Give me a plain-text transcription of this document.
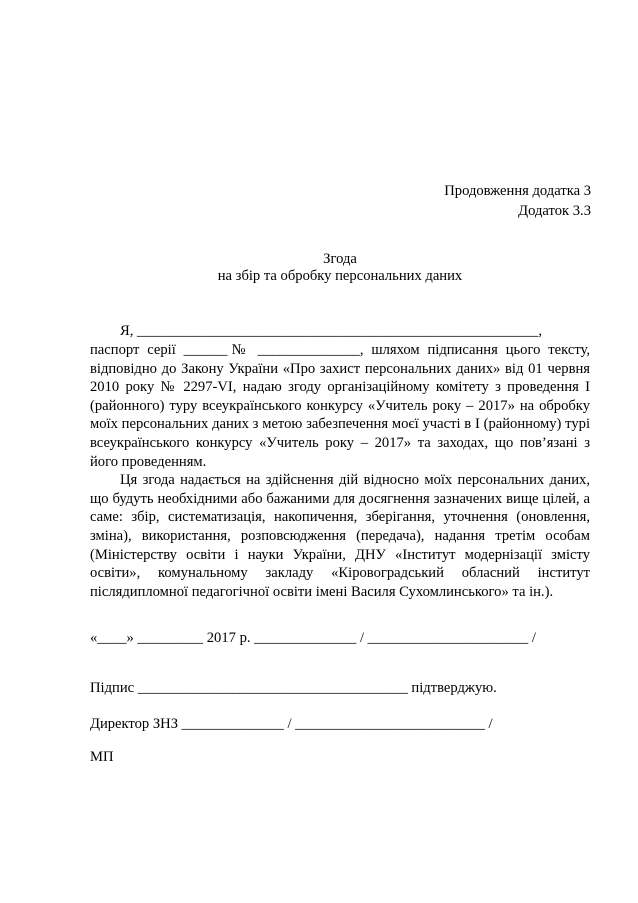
Продовження додатка 3
Додаток 3.3
Згода
на збір та обробку персональних даних
Я, _______________________________________________________,

паспорт серії ______№ ______________, шляхом підписання цього тексту, відповідно до Закону України «Про захист персональних даних» від 01 червня 2010 року № 2297-VI, надаю згоду організаційному комітету з проведення І (районного) туру всеукраїнського конкурсу «Учитель року – 2017» на обробку моїх персональних даних з метою забезпечення моєї участі в І (районному) турі всеукраїнського конкурсу «Учитель року – 2017» та заходах, що пов’язані з його проведенням.

Ця згода надається на здійснення дій відносно моїх персональних даних, що будуть необхідними або бажаними для досягнення зазначених вище цілей, а саме: збір, систематизація, накопичення, зберігання, уточнення (оновлення, зміна), використання, розповсюдження (передача), надання третім особам (Міністерству освіти і науки України, ДНУ «Інститут модернізації змісту освіти», комунальному закладу «Кіровоградський обласний інститут післядипломної педагогічної освіти імені Василя Сухомлинського» та ін.).

«____» _________ 2017 р. ______________ / ______________________ /
Підпис _____________________________________ підтверджую.
Директор ЗНЗ ______________ / __________________________ /
МП
